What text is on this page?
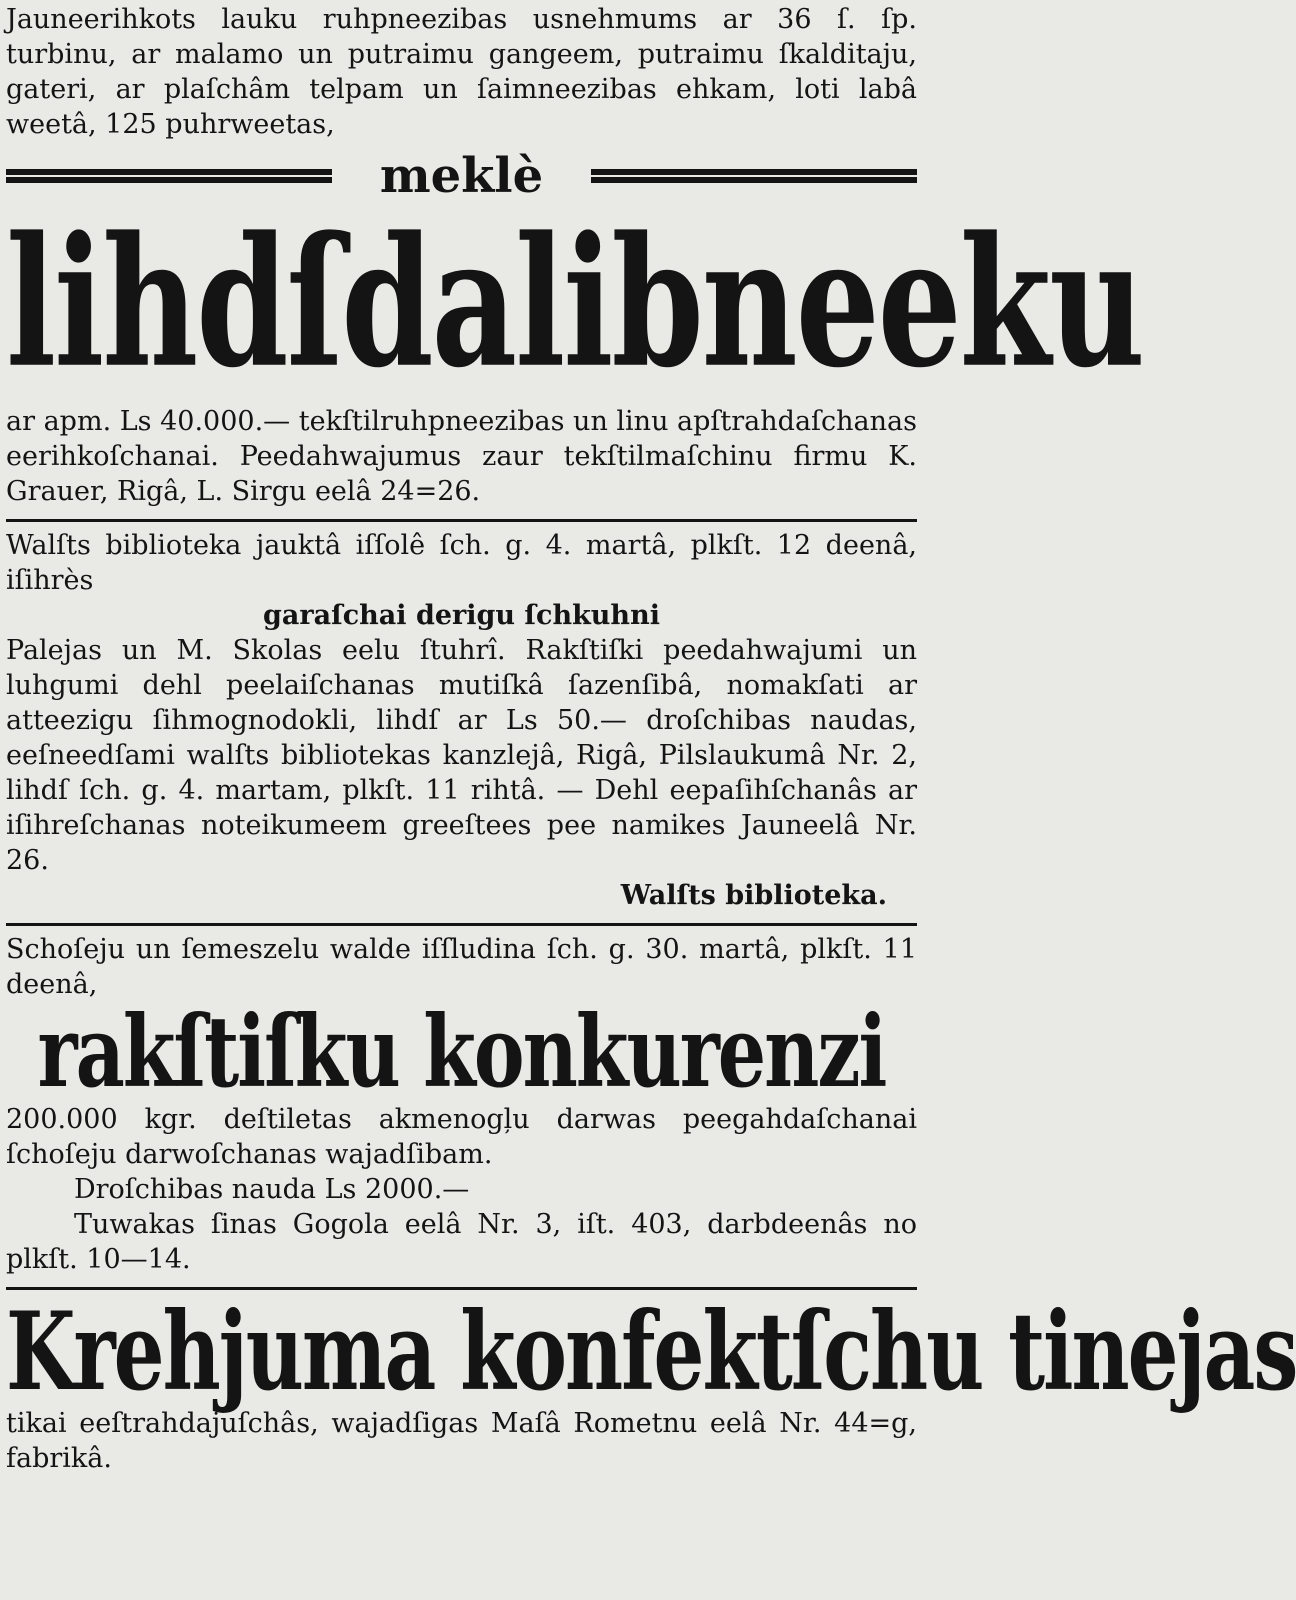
Jauneerihkots lauku ruhpneezibas usnehmums ar 36 ſ. ſp. turbinu, ar malamo un putraimu gangeem, putraimu ſkalditaju, gateri, ar plaſchâm telpam un ſaimneezibas ehkam, loti labâ weetâ, 125 puhrweetas,

meklè
lihdſdalibneeku

ar apm. Ls 40.000.— tekſtilruhpneezibas un linu apſtrahdaſchanas eerihkoſchanai. Peedahwajumus zaur tekſtilmaſchinu firmu K. Grauer, Rigâ, L. Sirgu eelâ 24=26.

Walſts biblioteka jauktâ iſſolê ſch. g. 4. martâ, plkſt. 12 deenâ, iſihrès

garaſchai derigu ſchkuhni

Palejas un M. Skolas eelu ſtuhrî. Rakſtiſki peedahwajumi un luhgumi dehl peelaiſchanas mutiſkâ ſazenſibâ, nomakſati ar atteezigu ſihmognodokli, lihdſ ar Ls 50.— droſchibas naudas, eeſneedſami walſts bibliotekas kanzlejâ, Rigâ, Pilslaukumâ Nr. 2, lihdſ ſch. g. 4. martam, plkſt. 11 rihtâ. — Dehl eepaſihſchanâs ar iſihreſchanas noteikumeem greeſtees pee namikes Jauneelâ Nr. 26.

Walſts biblioteka.

Schoſeju un ſemeszelu walde iſſludina ſch. g. 30. martâ, plkſt. 11 deenâ,

rakſtiſku konkurenzi

200.000 kgr. deſtiletas akmenogļu darwas peegahdaſchanai ſchoſeju darwoſchanas wajadſibam.

Droſchibas nauda Ls 2000.—

Tuwakas ſinas Gogola eelâ Nr. 3, iſt. 403, darbdeenâs no plkſt. 10—14.

Krehjuma konfektſchu tinejas

tikai eeſtrahdajuſchâs, wajadſigas Maſâ Rometnu eelâ Nr. 44=g, fabrikâ.
